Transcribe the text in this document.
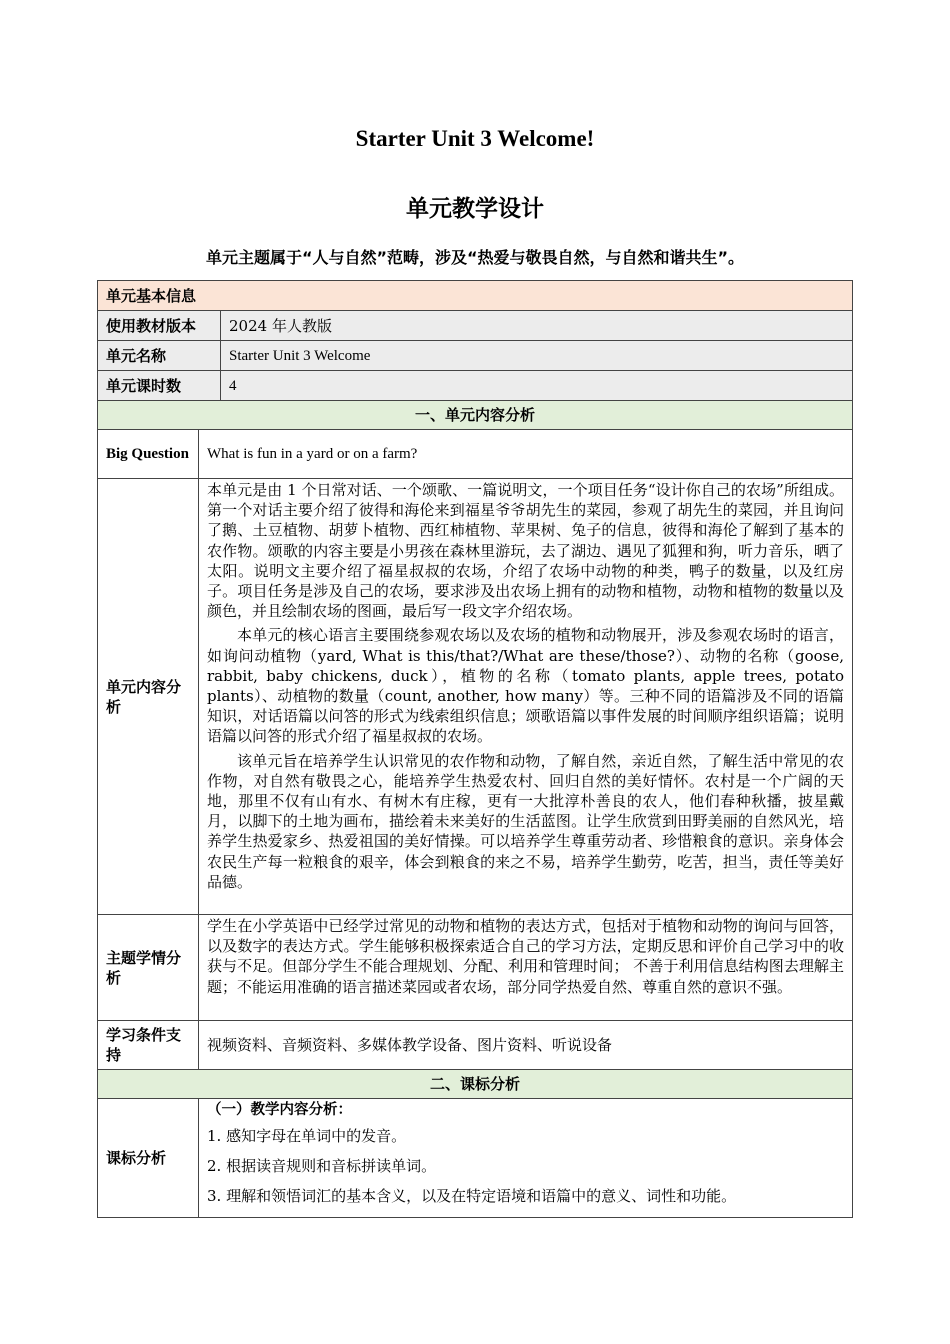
Starter Unit 3 Welcome!
单元教学设计
单元主题属于“人与自然”范畴，涉及“热爱与敬畏自然，与自然和谐共生”。
单元基本信息		
使用教材版本		2024 年人教版
单元名称		Starter Unit 3 Welcome
单元课时数		4
一、单元内容分析		
Big Question	What is fun in a yard or on a farm?	
单元内容分析	本单元是由 1 个日常对话、一个颂歌、一篇说明文，一个项目任务“设计你自己的农场”所组成。第一个对话主要介绍了彼得和海伦来到福星爷爷胡先生的菜园，参观了胡先生的菜园，并且询问了鹅、土豆植物、胡萝卜植物、西红柿植物、苹果树、兔子的信息，彼得和海伦了解到了基本的农作物。颂歌的内容主要是小男孩在森林里游玩，去了湖边、遇见了狐狸和狗，听力音乐，晒了太阳。说明文主要介绍了福星叔叔的农场，介绍了农场中动物的种类，鸭子的数量，以及红房子。项目任务是涉及自己的农场，要求涉及出农场上拥有的动物和植物，动物和植物的数量以及颜色，并且绘制农场的图画，最后写一段文字介绍农场。

本单元的核心语言主要围绕参观农场以及农场的植物和动物展开，涉及参观农场时的语言，如询问动植物（yard, What is this/that?/What are these/those?）、动物的名称（goose, rabbit, baby chickens, duck），植物的名称（tomato plants, apple trees, potato plants）、动植物的数量（count, another, how many）等。三种不同的语篇涉及不同的语篇知识，对话语篇以问答的形式为线索组织信息；颂歌语篇以事件发展的时间顺序组织语篇；说明语篇以问答的形式介绍了福星叔叔的农场。

该单元旨在培养学生认识常见的农作物和动物，了解自然，亲近自然，了解生活中常见的农作物，对自然有敬畏之心，能培养学生热爱农村、回归自然的美好情怀。农村是一个广阔的天地，那里不仅有山有水、有树木有庄稼，更有一大批淳朴善良的农人，他们春种秋播，披星戴月，以脚下的土地为画布，描绘着未来美好的生活蓝图。让学生欣赏到田野美丽的自然风光，培养学生热爱家乡、热爱祖国的美好情操。可以培养学生尊重劳动者、珍惜粮食的意识。亲身体会农民生产每一粒粮食的艰辛，体会到粮食的来之不易，培养学生勤劳，吃苦，担当，责任等美好品德。	

主题学情分析	学生在小学英语中已经学过常见的动物和植物的表达方式，包括对于植物和动物的询问与回答，以及数字的表达方式。学生能够积极探索适合自己的学习方法，定期反思和评价自己学习中的收获与不足。但部分学生不能合理规划、分配、利用和管理时间； 不善于利用信息结构图去理解主题；不能运用准确的语言描述菜园或者农场，部分同学热爱自然、尊重自然的意识不强。	

学习条件支持	视频资料、音频资料、多媒体教学设备、图片资料、听说设备	
二、课标分析		
课标分析	（一）教学内容分析：

1. 感知字母在单词中的发音。

2. 根据读音规则和音标拼读单词。

3. 理解和领悟词汇的基本含义，以及在特定语境和语篇中的意义、词性和功能。	
